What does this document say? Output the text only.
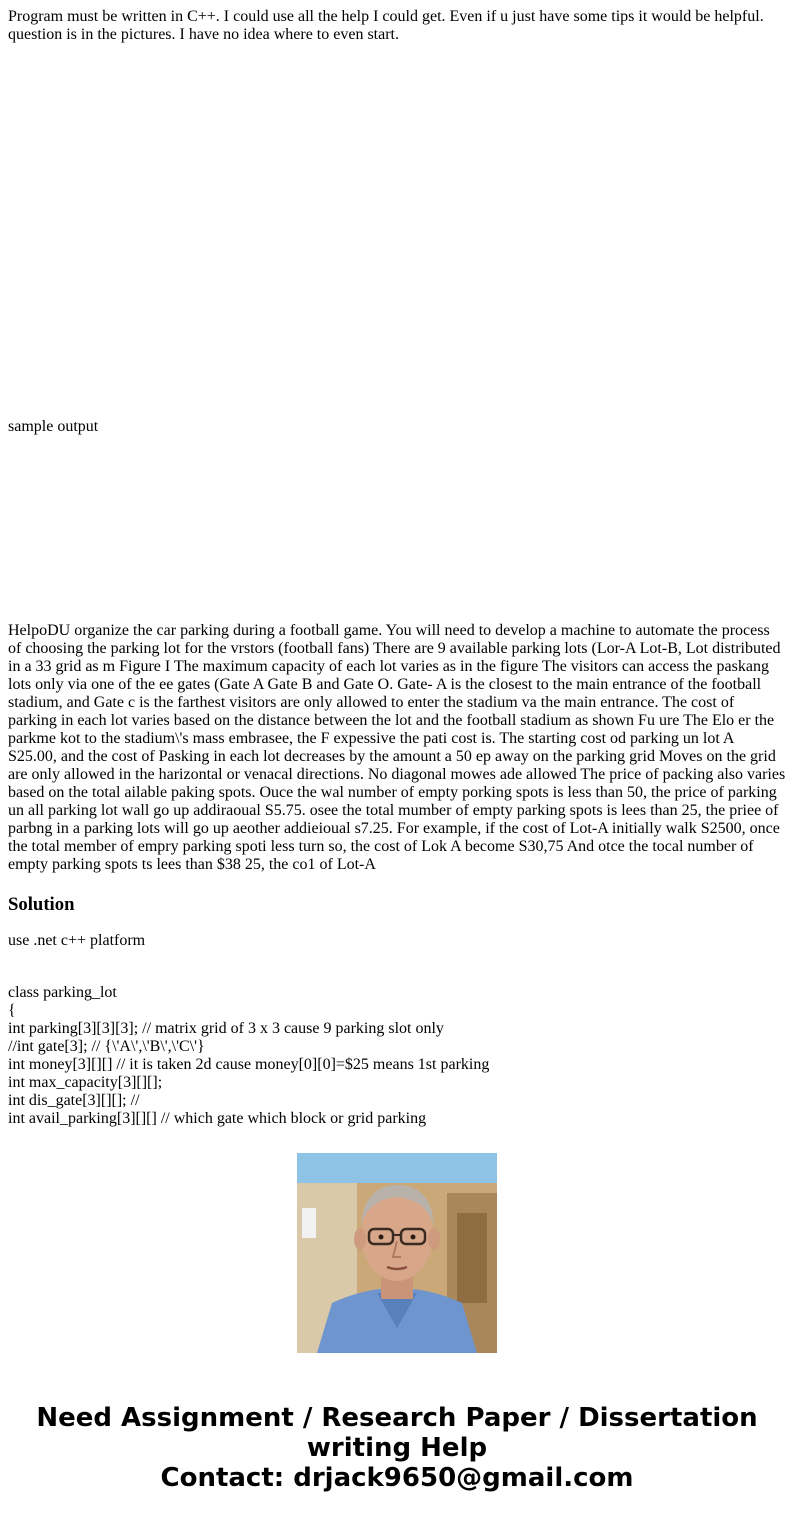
Program must be written in C++. I could use all the help I could get. Even if u just have some tips it would be helpful. question is in the pictures. I have no idea where to even start.

sample output

HelpoDU organize the car parking during a football game. You will need to develop a machine to automate the process of choosing the parking lot for the vrstors (football fans) There are 9 available parking lots (Lor-A Lot-B, Lot distributed in a 33 grid as m Figure I The maximum capacity of each lot varies as in the figure The visitors can access the paskang lots only via one of the ee gates (Gate A Gate B and Gate O. Gate- A is the closest to the main entrance of the football stadium, and Gate c is the farthest visitors are only allowed to enter the stadium va the main entrance. The cost of parking in each lot varies based on the distance between the lot and the football stadium as shown Fu ure The Elo er the parkme kot to the stadium\'s mass embrasee, the F expessive the pati cost is. The starting cost od parking un lot A S25.00, and the cost of Pasking in each lot decreases by the amount a 50 ep away on the parking grid Moves on the grid are only allowed in the harizontal or venacal directions. No diagonal mowes ade allowed The price of packing also varies based on the total ailable paking spots. Ouce the wal number of empty porking spots is less than 50, the price of parking un all parking lot wall go up addiraoual S5.75. osee the total mumber of empty parking spots is lees than 25, the priee of parbng in a parking lots will go up aeother addieioual s7.25. For example, if the cost of Lot-A initially walk S2500, once the total member of empry parking spoti less turn so, the cost of Lok A become S30,75 And otce the tocal number of empty parking spots ts lees than $38 25, the co1 of Lot-A

Solution

use .net c++ platform

class parking_lot
{
int parking[3][3][3]; // matrix grid of 3 x 3 cause 9 parking slot only
//int gate[3]; // {\'A\',\'B\',\'C\'}
int money[3][][] // it is taken 2d cause money[0][0]=$25 means 1st parking
int max_capacity[3][][];
int dis_gate[3][][]; //
int avail_parking[3][][] // which gate which block or grid parking
Need Assignment / Research Paper / Dissertation
writing Help
Contact: drjack9650@gmail.com
